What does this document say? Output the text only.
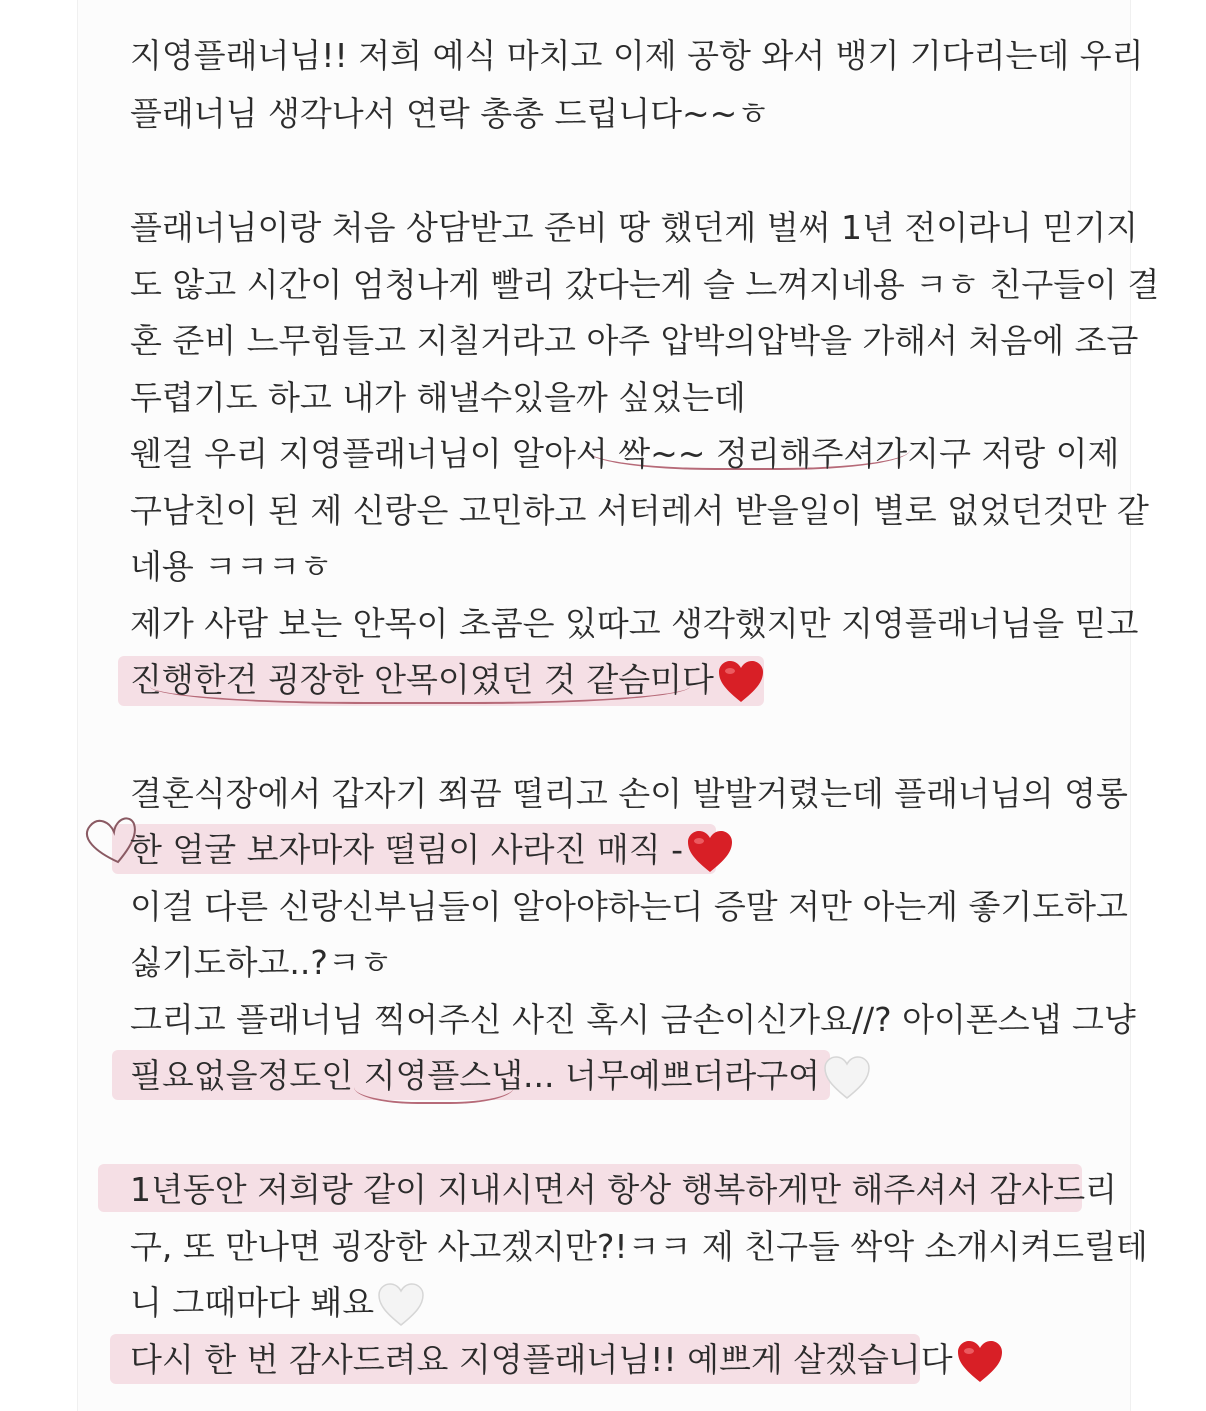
지영플래너님!! 저희 예식 마치고 이제 공항 와서 뱅기 기다리는데 우리

플래너님 생각나서 연락 총총 드립니다~~ㅎ

플래너님이랑 처음 상담받고 준비 땅 했던게 벌써 1년 전이라니 믿기지

도 않고 시간이 엄청나게 빨리 갔다는게 슬 느껴지네용 ㅋㅎ 친구들이 결

혼 준비 느무힘들고 지칠거라고 아주 압박의압박을 가해서 처음에 조금

두렵기도 하고 내가 해낼수있을까 싶었는데

웬걸 우리 지영플래너님이 알아서 싹~~ 정리해주셔가지구 저랑 이제

구남친이 된 제 신랑은 고민하고 서터레서 받을일이 별로 없었던것만 같

네용 ㅋㅋㅋㅎ

제가 사람 보는 안목이 초콤은 있따고 생각했지만 지영플래너님을 믿고

진행한건 굉장한 안목이였던 것 같슴미다

결혼식장에서 갑자기 쬐끔 떨리고 손이 발발거렸는데 플래너님의 영롱

한 얼굴 보자마자 떨림이 사라진 매직 -

이걸 다른 신랑신부님들이 알아야하는디 증말 저만 아는게 좋기도하고

싫기도하고..?ㅋㅎ

그리고 플래너님 찍어주신 사진 혹시 금손이신가요//? 아이폰스냅 그냥

필요없을정도인 지영플스냅... 너무예쁘더라구여

1년동안 저희랑 같이 지내시면서 항상 행복하게만 해주셔서 감사드리

구, 또 만나면 굉장한 사고겠지만?!ㅋㅋ 제 친구들 싹악 소개시켜드릴테

니 그때마다 봬요
다시 한 번 감사드려요 지영플래너님!! 예쁘게 살겠습니다
